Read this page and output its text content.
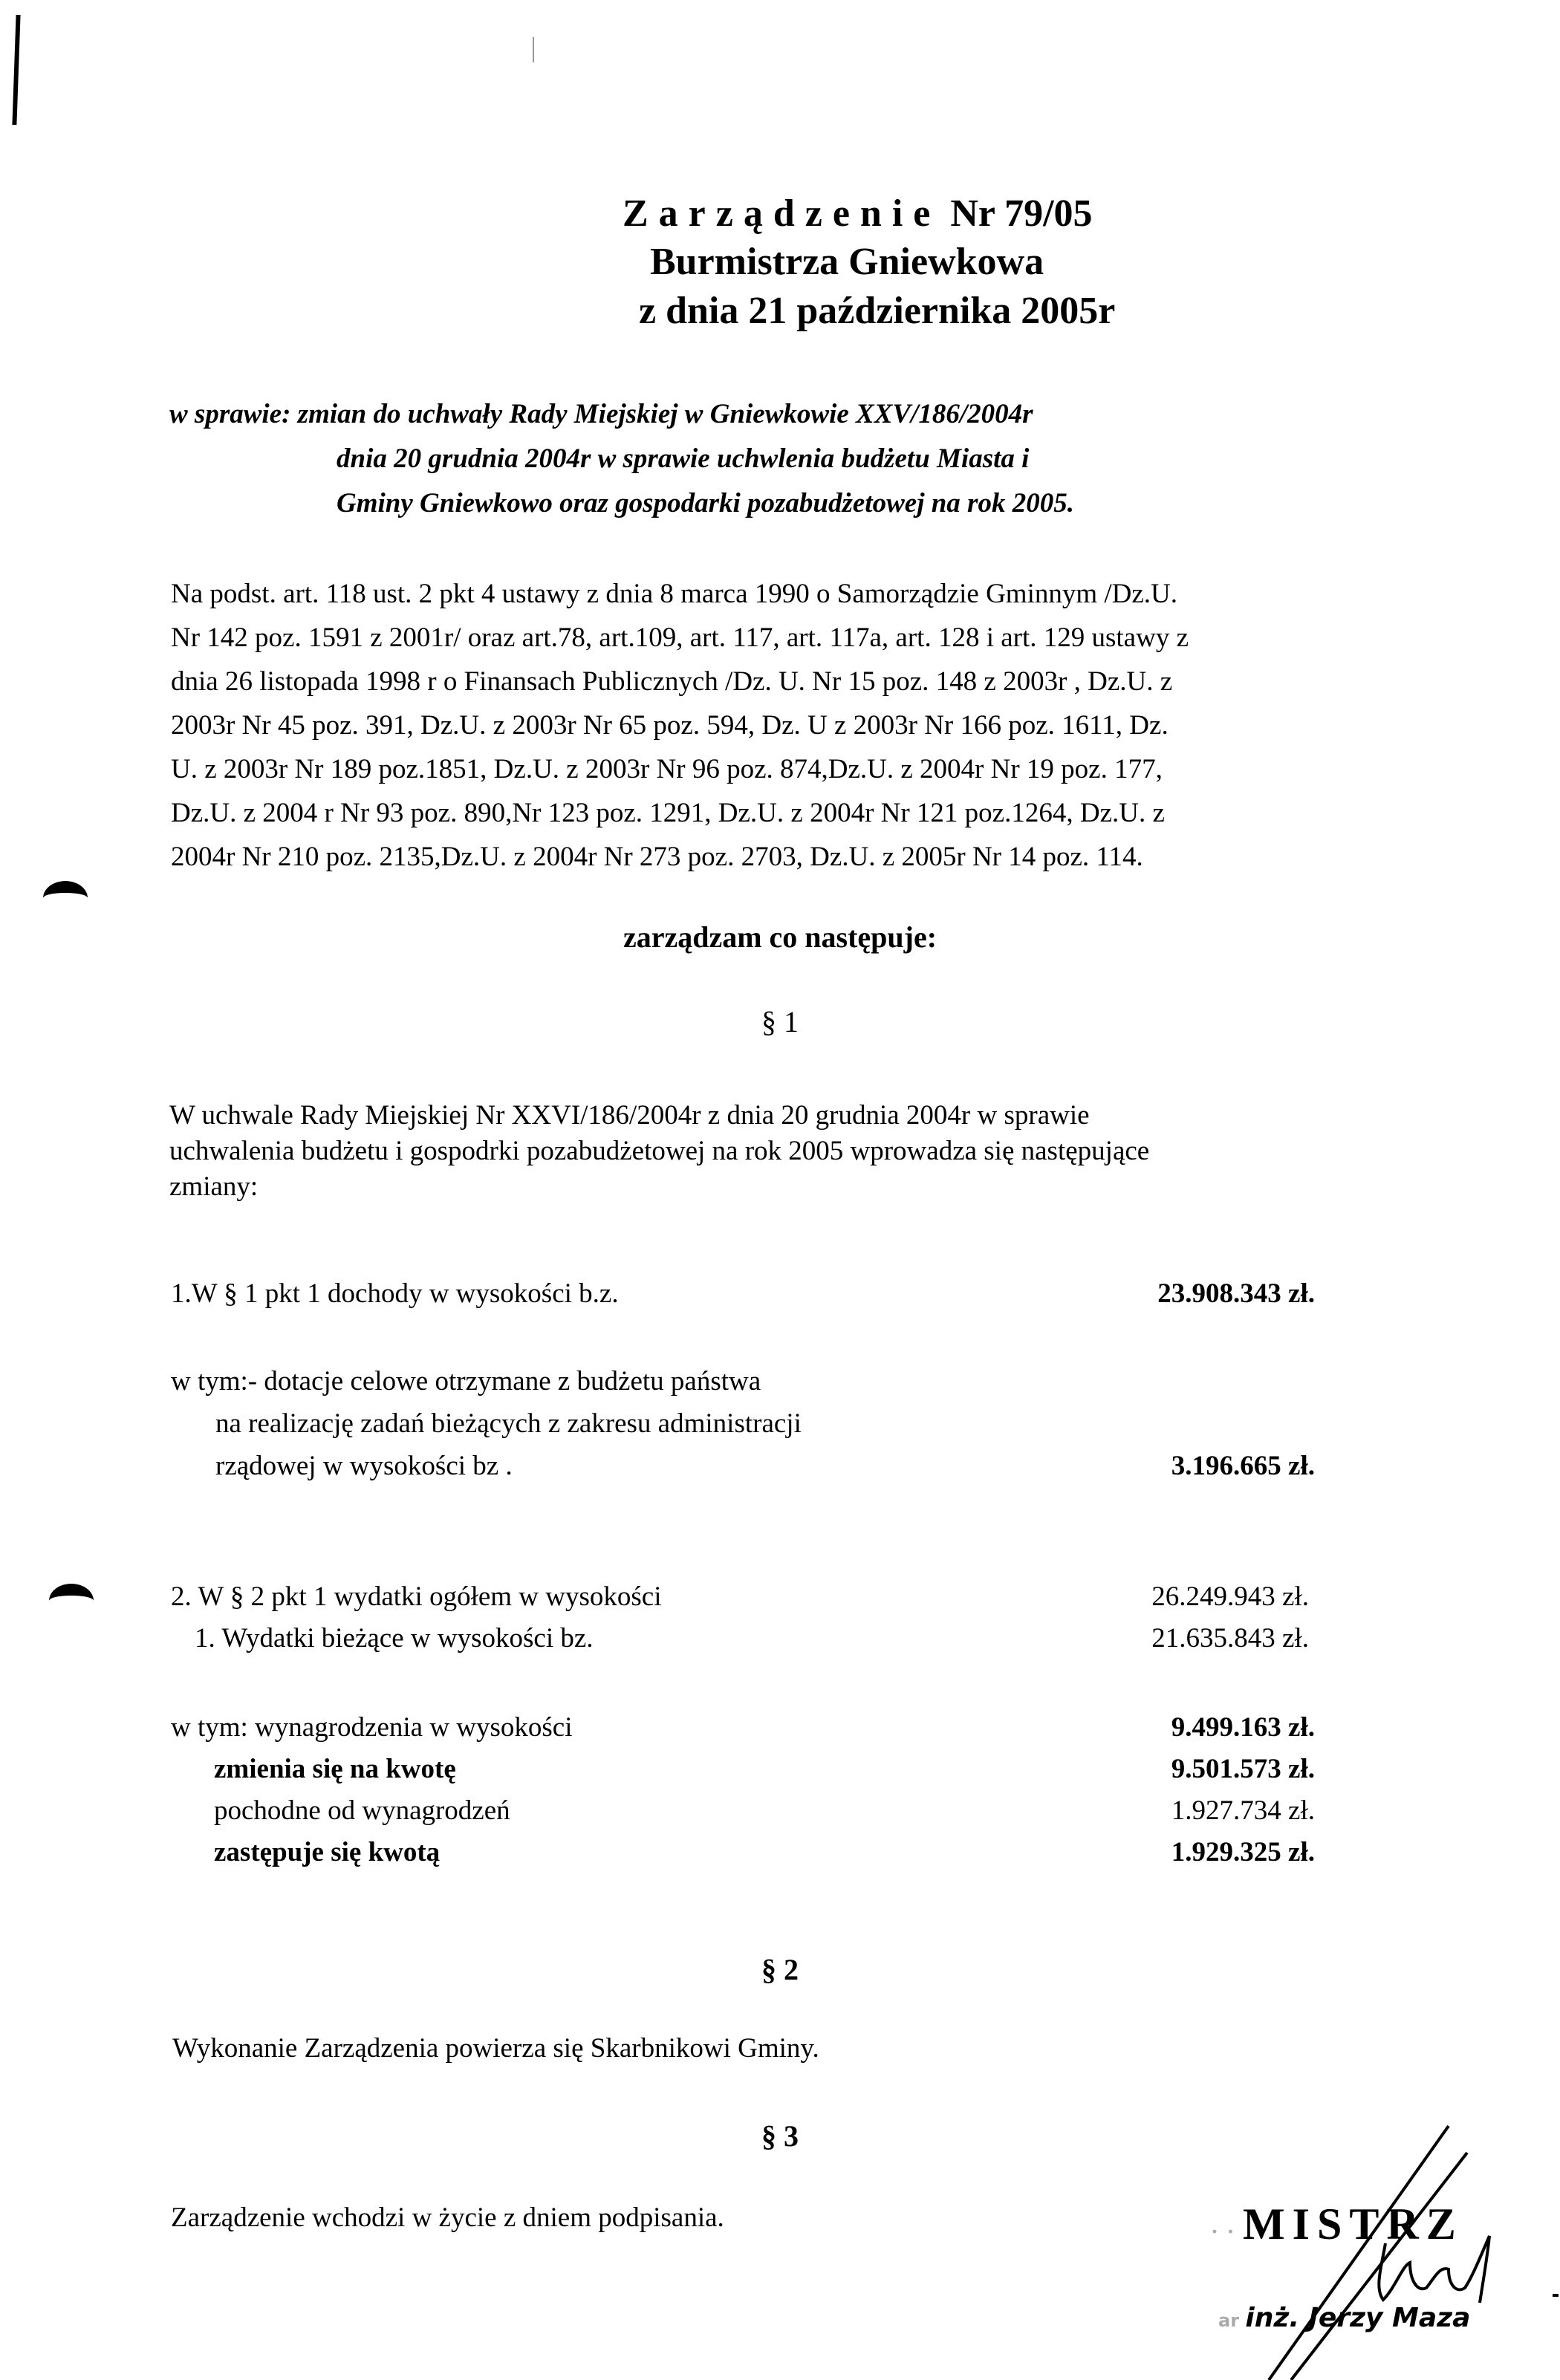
Zarządzenie Nr 79/05
Burmistrza Gniewkowa
z dnia 21 października 2005r
w sprawie: zmian do uchwały Rady Miejskiej w Gniewkowie XXV/186/2004r
dnia 20 grudnia 2004r w sprawie uchwlenia budżetu Miasta i
Gminy Gniewkowo oraz gospodarki pozabudżetowej na rok 2005.
Na podst. art. 118 ust. 2 pkt 4 ustawy z dnia 8 marca 1990 o Samorządzie Gminnym /Dz.U.
Nr 142 poz. 1591 z 2001r/ oraz art.78, art.109, art. 117, art. 117a, art. 128 i art. 129 ustawy z
dnia 26 listopada 1998 r o Finansach Publicznych /Dz. U. Nr 15 poz. 148 z 2003r , Dz.U. z
2003r Nr 45 poz. 391, Dz.U. z 2003r Nr 65 poz. 594, Dz. U z 2003r Nr 166 poz. 1611, Dz.
U. z 2003r Nr 189 poz.1851, Dz.U. z 2003r Nr 96 poz. 874,Dz.U. z 2004r Nr 19 poz. 177,
Dz.U. z 2004 r Nr 93 poz. 890,Nr 123 poz. 1291, Dz.U. z 2004r Nr 121 poz.1264, Dz.U. z
2004r Nr 210 poz. 2135,Dz.U. z 2004r Nr 273 poz. 2703, Dz.U. z 2005r Nr 14 poz. 114.
zarządzam co następuje:
§ 1
W uchwale Rady Miejskiej Nr XXVI/186/2004r z dnia 20 grudnia 2004r w sprawie
uchwalenia budżetu i gospodrki pozabudżetowej na rok 2005 wprowadza się następujące
zmiany:
1.W § 1 pkt 1 dochody w wysokości b.z.	23.908.343 zł.
w tym:- dotacje celowe otrzymane z budżetu państwa
na realizację zadań bieżących z zakresu administracji
rządowej w wysokości bz .	3.196.665 zł.
2. W § 2 pkt 1 wydatki ogółem w wysokości	26.249.943 zł.
1. Wydatki bieżące w wysokości bz.	21.635.843 zł.
w tym: wynagrodzenia w wysokości	9.499.163 zł.
zmienia się na kwotę	9.501.573 zł.
pochodne od wynagrodzeń	1.927.734 zł.
zastępuje się kwotą	1.929.325 zł.
§ 2
Wykonanie Zarządzenia powierza się Skarbnikowi Gminy.
§ 3
Zarządzenie wchodzi w życie z dniem podpisania.	· · MISTRZ
ar inż. Jerzy Maza
